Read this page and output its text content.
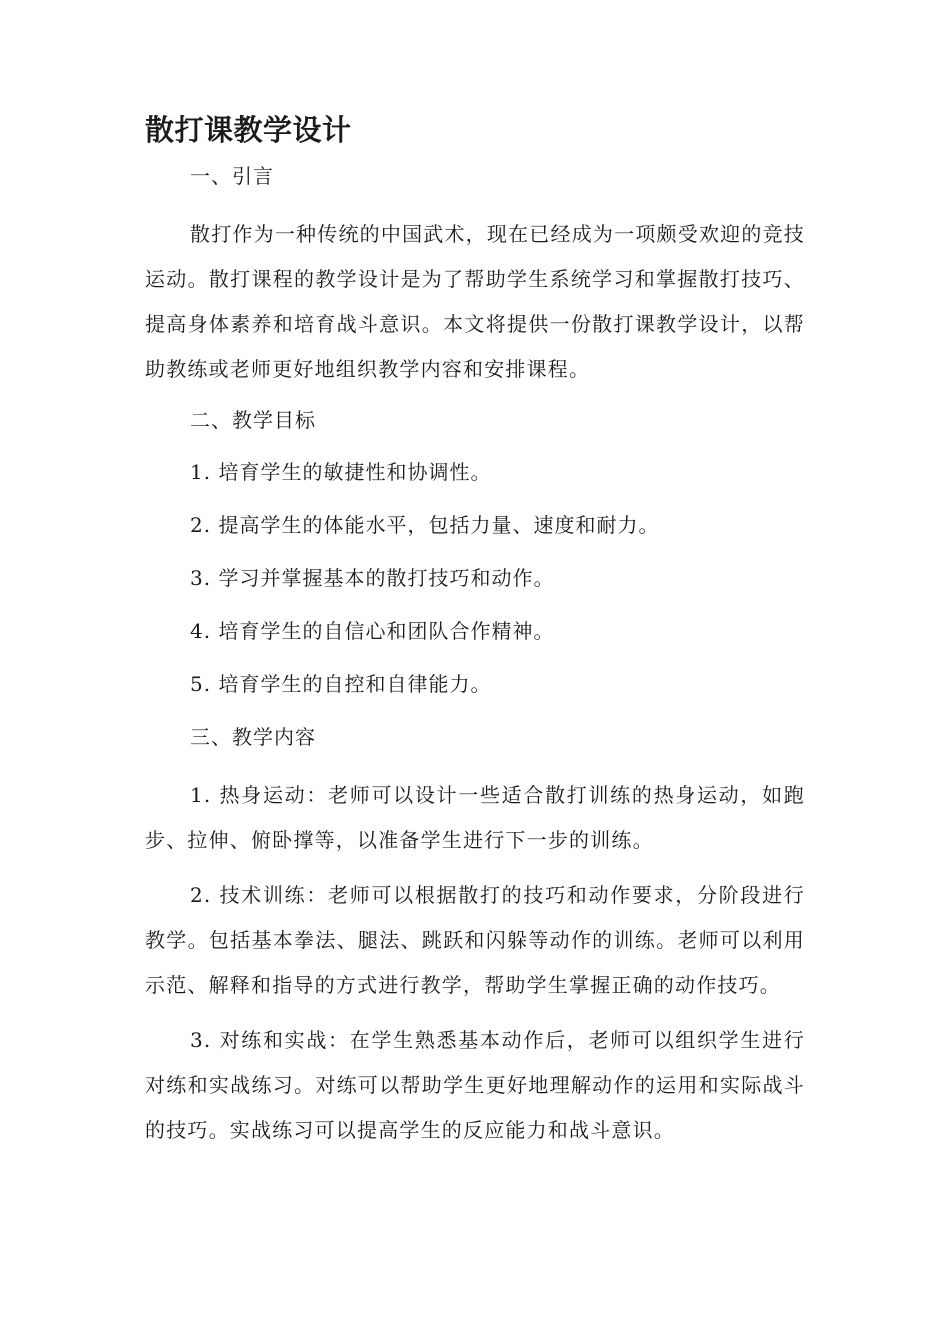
散打课教学设计
一、引言
散打作为一种传统的中国武术，现在已经成为一项颇受欢迎的竞技运动。散打课程的教学设计是为了帮助学生系统学习和掌握散打技巧、提高身体素养和培育战斗意识。本文将提供一份散打课教学设计，以帮助教练或老师更好地组织教学内容和安排课程。
二、教学目标
1. 培育学生的敏捷性和协调性。
2. 提高学生的体能水平，包括力量、速度和耐力。
3. 学习并掌握基本的散打技巧和动作。
4. 培育学生的自信心和团队合作精神。
5. 培育学生的自控和自律能力。
三、教学内容
1. 热身运动：老师可以设计一些适合散打训练的热身运动，如跑步、拉伸、俯卧撑等，以准备学生进行下一步的训练。
2. 技术训练：老师可以根据散打的技巧和动作要求，分阶段进行教学。包括基本拳法、腿法、跳跃和闪躲等动作的训练。老师可以利用示范、解释和指导的方式进行教学，帮助学生掌握正确的动作技巧。
3. 对练和实战：在学生熟悉基本动作后，老师可以组织学生进行对练和实战练习。对练可以帮助学生更好地理解动作的运用和实际战斗的技巧。实战练习可以提高学生的反应能力和战斗意识。
